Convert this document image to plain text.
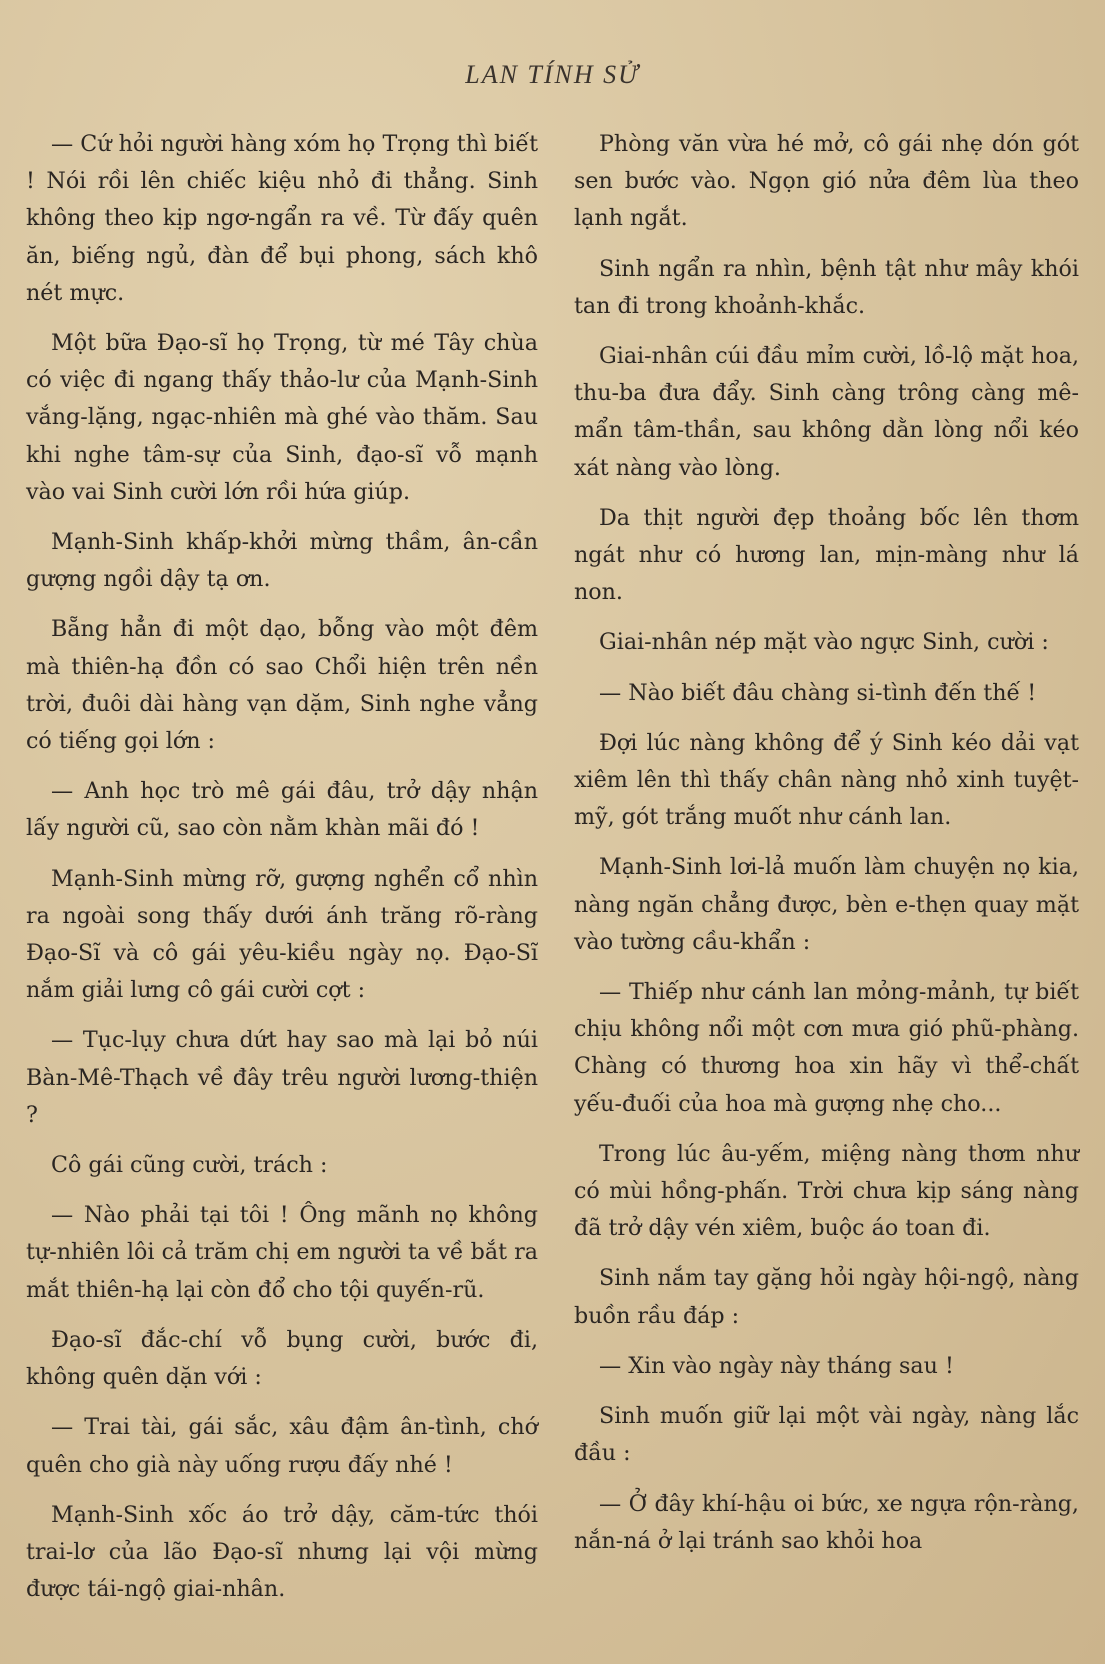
LAN TÍNH SỬ

— Cứ hỏi người hàng xóm họ Trọng thì biết ! Nói rồi lên chiếc kiệu nhỏ đi thẳng. Sinh không theo kịp ngơ-ngẩn ra về. Từ đấy quên ăn, biếng ngủ, đàn để bụi phong, sách khô nét mực.

Một bữa Đạo-sĩ họ Trọng, từ mé Tây chùa có việc đi ngang thấy thảo-lư của Mạnh-Sinh vắng-lặng, ngạc-nhiên mà ghé vào thăm. Sau khi nghe tâm-sự của Sinh, đạo-sĩ vỗ mạnh vào vai Sinh cười lớn rồi hứa giúp.

Mạnh-Sinh khấp-khởi mừng thầm, ân-cần gượng ngồi dậy tạ ơn.

Bẵng hẳn đi một dạo, bỗng vào một đêm mà thiên-hạ đồn có sao Chổi hiện trên nền trời, đuôi dài hàng vạn dặm, Sinh nghe vẳng có tiếng gọi lớn :

— Anh học trò mê gái đâu, trở dậy nhận lấy người cũ, sao còn nằm khàn mãi đó !

Mạnh-Sinh mừng rỡ, gượng nghển cổ nhìn ra ngoài song thấy dưới ánh trăng rõ-ràng Đạo-Sĩ và cô gái yêu-kiều ngày nọ. Đạo-Sĩ nắm giải lưng cô gái cười cợt :

— Tục-lụy chưa dứt hay sao mà lại bỏ núi Bàn-Mê-Thạch về đây trêu người lương-thiện ?

Cô gái cũng cười, trách :

— Nào phải tại tôi ! Ông mãnh nọ không tự-nhiên lôi cả trăm chị em người ta về bắt ra mắt thiên-hạ lại còn đổ cho tội quyến-rũ.

Đạo-sĩ đắc-chí vỗ bụng cười, bước đi, không quên dặn với :

— Trai tài, gái sắc, xâu đậm ân-tình, chớ quên cho già này uống rượu đấy nhé !

Mạnh-Sinh xốc áo trở dậy, căm-tức thói trai-lơ của lão Đạo-sĩ nhưng lại vội mừng được tái-ngộ giai-nhân.

Phòng văn vừa hé mở, cô gái nhẹ dón gót sen bước vào. Ngọn gió nửa đêm lùa theo lạnh ngắt.

Sinh ngẩn ra nhìn, bệnh tật như mây khói tan đi trong khoảnh-khắc.

Giai-nhân cúi đầu mỉm cười, lồ-lộ mặt hoa, thu-ba đưa đẩy. Sinh càng trông càng mê-mẩn tâm-thần, sau không dằn lòng nổi kéo xát nàng vào lòng.

Da thịt người đẹp thoảng bốc lên thơm ngát như có hương lan, mịn-màng như lá non.

Giai-nhân nép mặt vào ngực Sinh, cười :

— Nào biết đâu chàng si-tình đến thế !

Đợi lúc nàng không để ý Sinh kéo dải vạt xiêm lên thì thấy chân nàng nhỏ xinh tuyệt-mỹ, gót trắng muốt như cánh lan.

Mạnh-Sinh lơi-lả muốn làm chuyện nọ kia, nàng ngăn chẳng được, bèn e-thẹn quay mặt vào tường cầu-khẩn :

— Thiếp như cánh lan mỏng-mảnh, tự biết chịu không nổi một cơn mưa gió phũ-phàng. Chàng có thương hoa xin hãy vì thể-chất yếu-đuối của hoa mà gượng nhẹ cho...

Trong lúc âu-yếm, miệng nàng thơm như có mùi hồng-phấn. Trời chưa kịp sáng nàng đã trở dậy vén xiêm, buộc áo toan đi.

Sinh nắm tay gặng hỏi ngày hội-ngộ, nàng buồn rầu đáp :

— Xin vào ngày này tháng sau !

Sinh muốn giữ lại một vài ngày, nàng lắc đầu :

— Ở đây khí-hậu oi bức, xe ngựa rộn-ràng, nắn-ná ở lại tránh sao khỏi hoa
